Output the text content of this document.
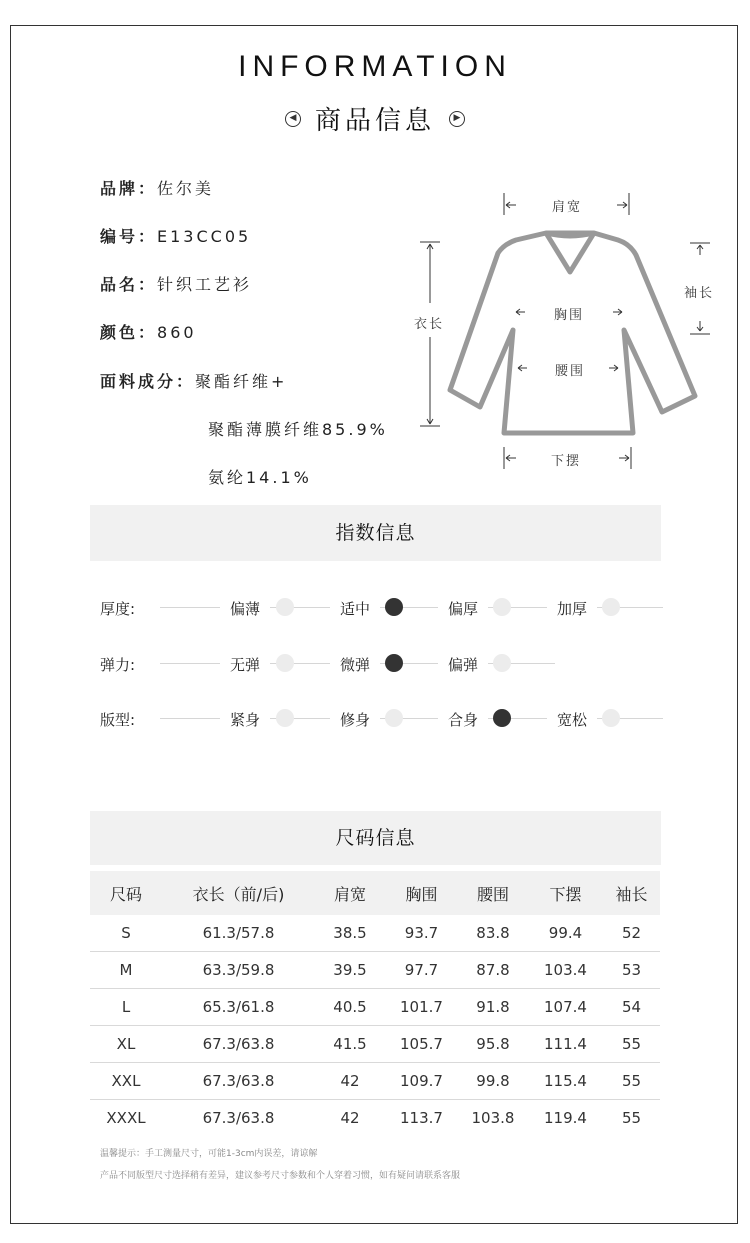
INFORMATION
◀ 商品信息	▶
品牌：佐尔美
编号：E13CC05
品名：针织工艺衫
颜色：860
面料成分：聚酯纤维+
聚酯薄膜纤维85.9%
氨纶14.1%
肩宽
衣长
胸围
腰围
下摆
袖长
指数信息
厚度:	偏薄	适中	偏厚	加厚
弹力:	无弹	微弹	偏弹
版型:	紧身	修身	合身	宽松
尺码信息
尺码	衣长（前/后)	肩宽	胸围	腰围	下摆	袖长
S	61.3/57.8	38.5	93.7	83.8	99.4	52
M	63.3/59.8	39.5	97.7	87.8	103.4	53
L	65.3/61.8	40.5	101.7	91.8	107.4	54
XL	67.3/63.8	41.5	105.7	95.8	111.4	55
XXL	67.3/63.8	42	109.7	99.8	115.4	55
XXXL	67.3/63.8	42	113.7	103.8	119.4	55
温馨提示：手工测量尺寸，可能1-3cm内误差，请谅解
产品不同版型尺寸选择稍有差异，建议参考尺寸参数和个人穿着习惯，如有疑问请联系客服
